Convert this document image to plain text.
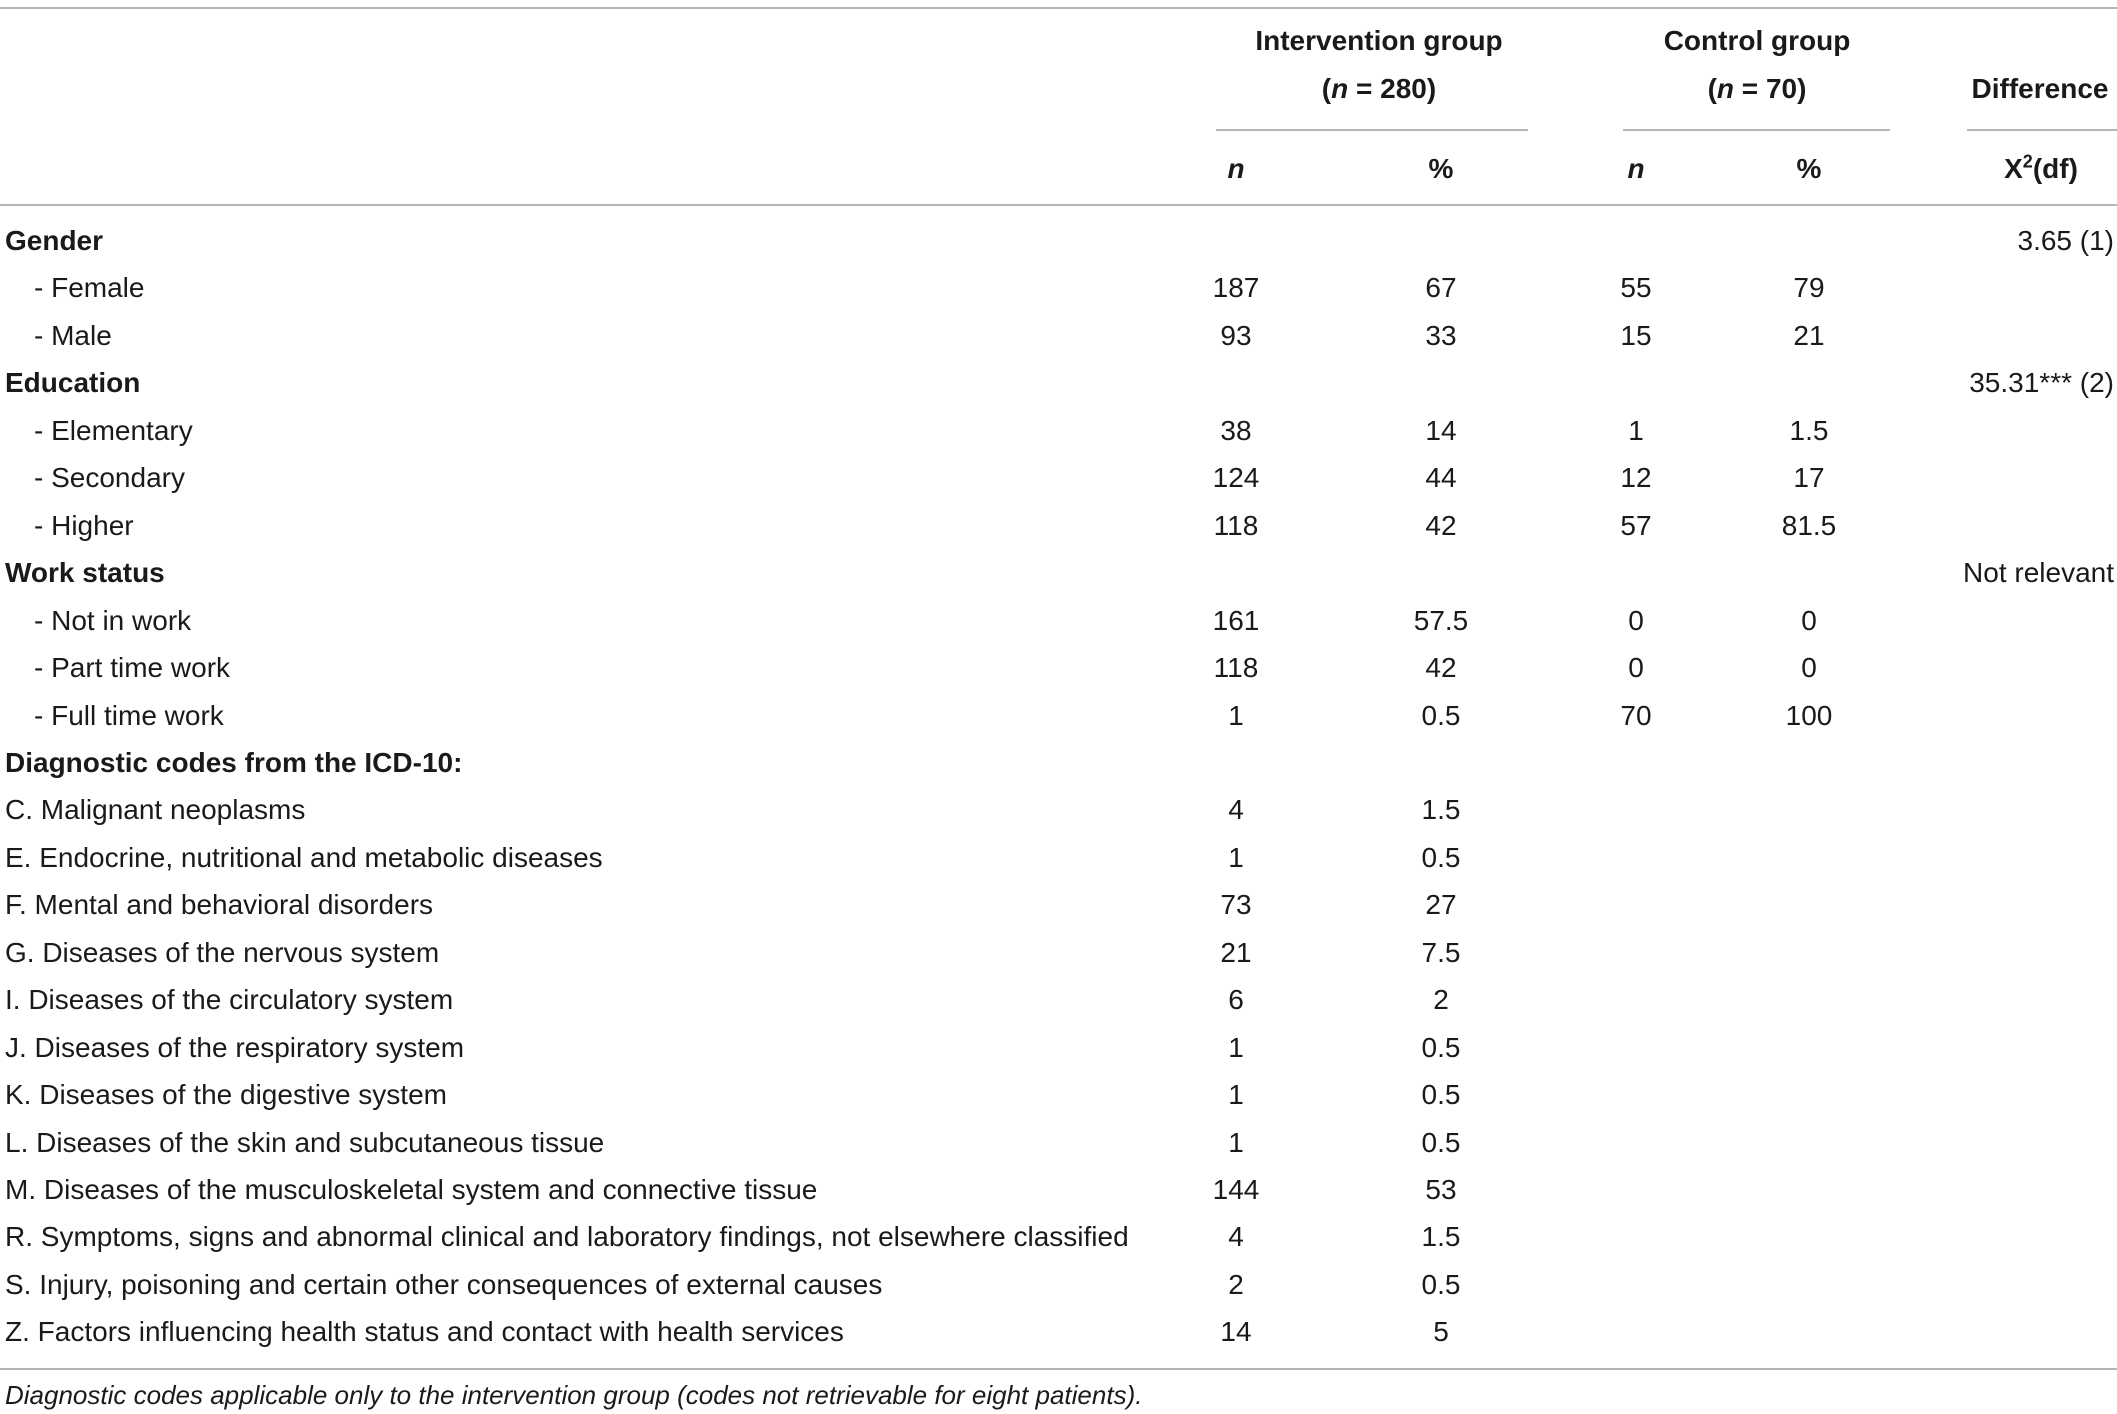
Intervention group
(n = 280)
Control group
(n = 70)	Difference
n	%	n	%	$X^2(df)$
Gender	3.65 (1)
- Female	187	67	55	79
- Male	93	33	15	21
Education	35.31*** (2)
- Elementary	38	14	1	1.5
- Secondary	124	44	12	17
- Higher	118	42	57	81.5
Work status	Not relevant
- Not in work	161	57.5	0	0
- Part time work	118	42	0	0
- Full time work	1	0.5	70	100
Diagnostic codes from the ICD-10:
C. Malignant neoplasms	4	1.5
E. Endocrine, nutritional and metabolic diseases	1	0.5
F. Mental and behavioral disorders	73	27
G. Diseases of the nervous system	21	7.5
I. Diseases of the circulatory system	6	2
J. Diseases of the respiratory system	1	0.5
K. Diseases of the digestive system	1	0.5
L. Diseases of the skin and subcutaneous tissue	1	0.5
M. Diseases of the musculoskeletal system and connective tissue	144	53
R. Symptoms, signs and abnormal clinical and laboratory findings, not elsewhere classified	4	1.5
S. Injury, poisoning and certain other consequences of external causes	2	0.5
Z. Factors influencing health status and contact with health services	14	5
Diagnostic codes applicable only to the intervention group (codes not retrievable for eight patients).
